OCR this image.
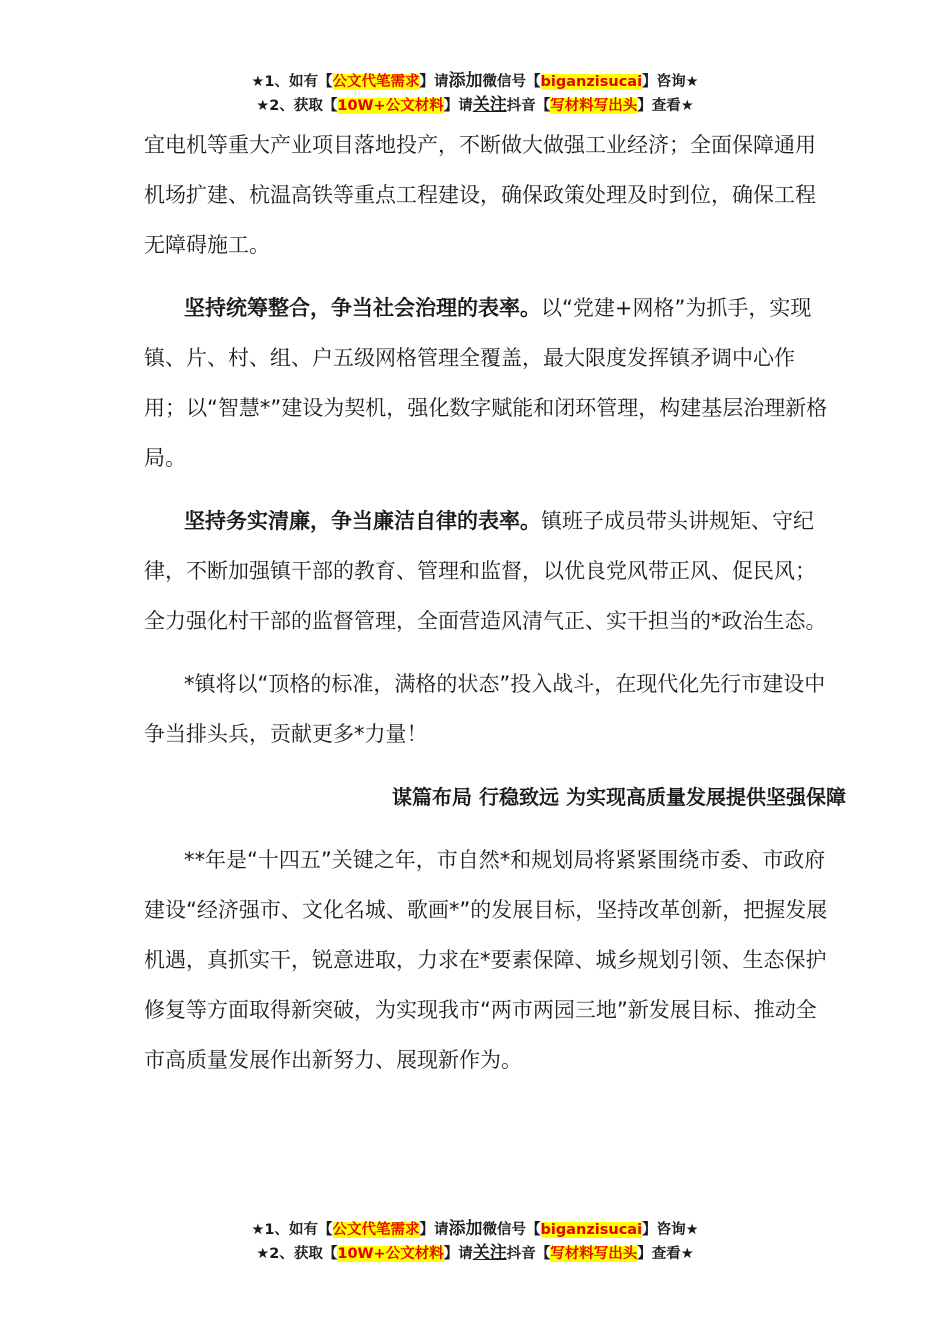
★1、如有【公文代笔需求】请添加微信号【biganzisucai】咨询★
★2、获取【10W+公文材料】请关注抖音【写材料写出头】查看★

宜电机等重大产业项目落地投产，不断做大做强工业经济；全面保障通用机场扩建、杭温高铁等重点工程建设，确保政策处理及时到位，确保工程无障碍施工。

坚持统筹整合，争当社会治理的表率。以“党建+网格”为抓手，实现镇、片、村、组、户五级网格管理全覆盖，最大限度发挥镇矛调中心作用；以“智慧*”建设为契机，强化数字赋能和闭环管理，构建基层治理新格局。

坚持务实清廉，争当廉洁自律的表率。镇班子成员带头讲规矩、守纪律，不断加强镇干部的教育、管理和监督，以优良党风带正风、促民风；全力强化村干部的监督管理，全面营造风清气正、实干担当的*政治生态。

*镇将以“顶格的标准，满格的状态”投入战斗，在现代化先行市建设中争当排头兵，贡献更多*力量！

谋篇布局 行稳致远 为实现高质量发展提供坚强保障

**年是“十四五”关键之年，市自然*和规划局将紧紧围绕市委、市政府建设“经济强市、文化名城、歌画*”的发展目标，坚持改革创新，把握发展机遇，真抓实干，锐意进取，力求在*要素保障、城乡规划引领、生态保护修复等方面取得新突破，为实现我市“两市两园三地”新发展目标、推动全市高质量发展作出新努力、展现新作为。

★1、如有【公文代笔需求】请添加微信号【biganzisucai】咨询★
★2、获取【10W+公文材料】请关注抖音【写材料写出头】查看★
